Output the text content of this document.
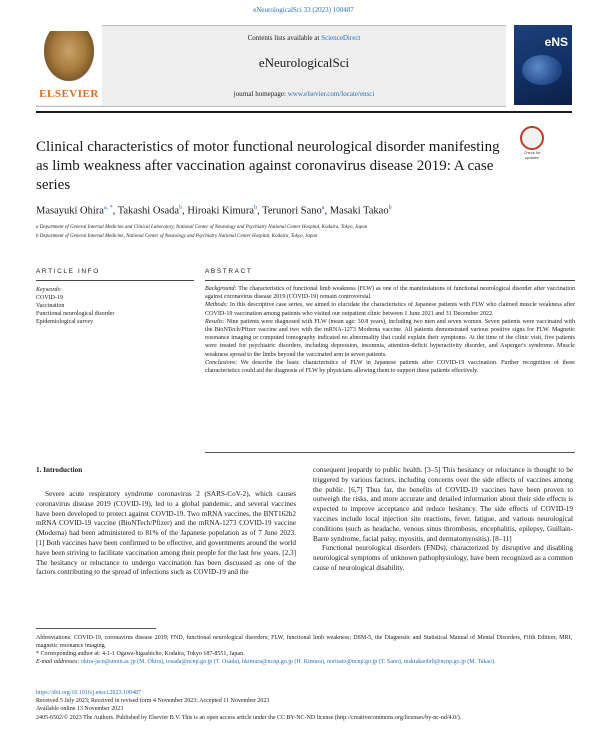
eNeurologicalSci 33 (2023) 100487
ELSEVIER
Contents lists available at ScienceDirect
eNeurologicalSci
journal homepage: www.elsevier.com/locate/ensci
eNS
Clinical characteristics of motor functional neurological disorder manifesting as limb weakness after vaccination against coronavirus disease 2019: A case series
Check for updates
Masayuki Ohira$^{a, *}$, Takashi Osada$^b$, Hiroaki Kimura$^b$, Terunori Sano$^a$, Masaki Takao$^b$
a Department of General Internal Medicine and Clinical Laboratory, National Center of Neurology and Psychiatry National Center Hospital, Kodaira, Tokyo, Japan
b Department of General Internal Medicine, National Center of Neurology and Psychiatry National Center Hospital, Kodaira, Tokyo, Japan
ARTICLE INFO
Keywords:
COVID-19
Vaccination
Functional neurological disorder
Epidemiological survey
ABSTRACT

Background: The characteristics of functional limb weakness (FLW) as one of the manifestations of functional neurological disorder after vaccination against coronavirus disease 2019 (COVID-19) remain controversial.

Methods: In this descriptive case series, we aimed to elucidate the characteristics of Japanese patients with FLW who claimed muscle weakness after COVID-19 vaccination among patients who visited our outpatient clinic between 1 June 2021 and 31 December 2022.

Results: Nine patients were diagnosed with FLW (mean age: 30.8 years), including two men and seven women. Seven patients were vaccinated with the BioNTech/Pfizer vaccine and two with the mRNA-1273 Moderna vaccine. All patients demonstrated various positive signs for FLW. Magnetic resonance imaging or computed tomography indicated no abnormality that could explain their symptoms. At the time of the clinic visit, five patients were treated for psychiatric disorders, including depression, insomnia, attention-deficit hyperactivity disorder, and Asperger's syndrome. Muscle weakness spread to the limbs beyond the vaccinated arm in seven patients.

Conclusions: We describe the basic characteristics of FLW in Japanese patients after COVID-19 vaccination. Further recognition of these characteristics could aid the diagnosis of FLW by physicians allowing them to support these patients effectively.

1. Introduction

Severe acute respiratory syndrome coronavirus 2 (SARS-CoV-2), which causes coronavirus disease 2019 (COVID-19), led to a global pandemic, and several vaccines have been developed to protect against COVID-19. Two mRNA vaccines, the BNT162b2 mRNA COVID-19 vaccine (BioNTech/Pfizer) and the mRNA-1273 COVID-19 vaccine (Moderna) had been administered to 81% of the Japanese population as of 7 June 2023. [1] Both vaccines have been confirmed to be effective, and governments around the world have been striving to facilitate vaccination among their people for the last few years. [2,3] The hesitancy or reluctance to undergo vaccination has been discussed as one of the factors contributing to the spread of infections such as COVID-19 and the

consequent jeopardy to public health. [3–5] This hesitancy or reluctance is thought to be triggered by various factors, including concerns over the side effects of vaccines among the public. [6,7] Thus far, the benefits of COVID-19 vaccines have been proven to outweigh the risks, and more accurate and detailed information about their side effects is expected to improve acceptance and reduce hesitancy. The side effects of COVID-19 vaccines include local injection site reactions, fever, fatigue, and various neurological conditions (such as headache, venous sinus thrombosis, encephalitis, epilepsy, Guillain-Barre syndrome, facial palsy, myositis, and dermatomyositis). [8–11]

Functional neurological disorders (FNDs), characterized by disruptive and disabling neurological symptoms of unknown pathophysiology, have been recognized as a common cause of neurological disability.

Abbreviations: COVID-19, coronavirus disease 2019; FND, functional neurological disorders; FLW, functional limb weakness; DSM-5, the Diagnostic and Statistical Manual of Mental Disorders, Fifth Edition; MRI, magnetic resonance imaging.
* Corresponding author at: 4-1-1 Ogawa-higashicho, Kodaira, Tokyo 187-8551, Japan.
E-mail addresses: ohira-jscn@umin.ac.jp (M. Ohira), tosada@ncnp.go.jp (T. Osada), hkimura@ncnp.go.jp (H. Kimura), norisato@ncnp.go.jp (T. Sano), msktakaobrb@ncnp.go.jp (M. Takao).
https://doi.org/10.1016/j.ensci.2023.100487
Received 5 July 2023; Received in revised form 4 November 2023; Accepted 11 November 2023
Available online 13 November 2023
2405-6502/© 2023 The Authors. Published by Elsevier B.V. This is an open access article under the CC BY-NC-ND license (http://creativecommons.org/licenses/by-nc-nd/4.0/).
